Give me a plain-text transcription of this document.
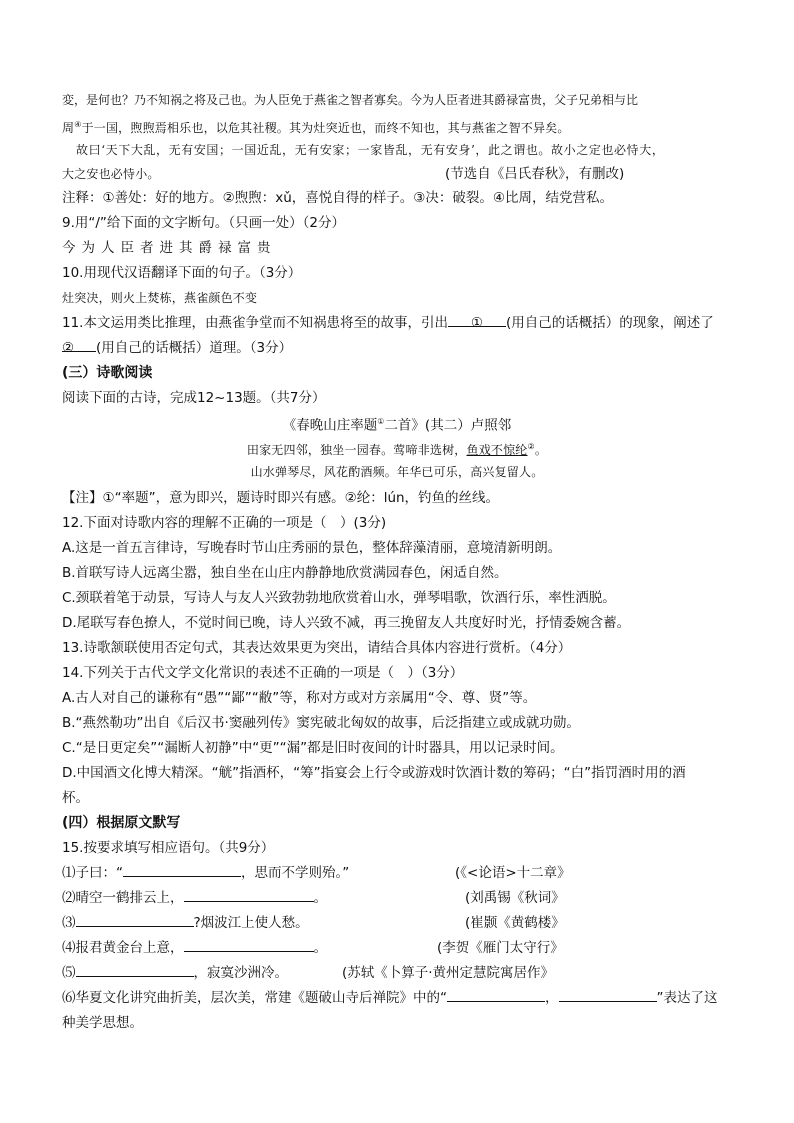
変，是何也？乃不知祸之将及己也。为人臣免于燕雀之智者寡矣。今为人臣者进其爵禄富贵，父子兄弟相与比
周④于一国，煦煦焉相乐也，以危其社稷。其为灶突近也，而终不知也，其与燕雀之智不异矣。
故曰‘天下大乱，无有安国；一国近乱，无有安家；一家皆乱，无有安身’，此之谓也。故小之定也必恃大，
大之安也必恃小。	(节选自《吕氏春秋》，有删改)
注释：①善处：好的地方。②煦煦：xǔ，喜悦自得的样子。③决：破裂。④比周，结党营私。
9.用“/”给下面的文字断句。（只画一处）（2分）
今为人臣者进其爵禄富贵
10.用现代汉语翻译下面的句子。（3分）
灶突决，则火上焚栋，燕雀颜色不变
11.本文运用类比推理，由燕雀争堂而不知祸患将至的故事，引出 ① (用自己的话概括）的现象，阐述了
② (用自己的话概括）道理。（3分）
(三）诗歌阅读
阅读下面的古诗，完成12~13题。（共7分）
《春晚山庄率题①二首》(其二）卢照邻
田家无四邻，独坐一园春。莺啼非选树，鱼戏不惊纶②。
山水弹琴尽，风花酌酒频。年华已可乐，高兴复留人。
【注】①“率题”，意为即兴，题诗时即兴有感。②纶：lún，钓鱼的丝线。
12.下面对诗歌内容的理解不正确的一项是（　）(3分)
A.这是一首五言律诗，写晚春时节山庄秀丽的景色，整体辞藻清丽，意境清新明朗。
B.首联写诗人远离尘嚣，独自坐在山庄内静静地欣赏满园春色，闲适自然。
C.颈联着笔于动景，写诗人与友人兴致勃勃地欣赏着山水，弹琴唱歌，饮酒行乐，率性洒脱。
D.尾联写春色撩人，不觉时间已晚，诗人兴致不减，再三挽留友人共度好时光，抒情委婉含蓄。
13.诗歌颔联使用否定句式，其表达效果更为突出，请结合具体内容进行赏析。（4分）
14.下列关于古代文学文化常识的表述不正确的一项是（　）（3分）
A.古人对自己的谦称有“愚”“鄙”“敝”等，称对方或对方亲属用“令、尊、贤”等。
B.“燕然勒功”出自《后汉书·窦融列传》窦宪破北匈奴的故事，后泛指建立或成就功勋。
C.“是日更定矣”“漏断人初静”中“更”“漏”都是旧时夜间的计时器具，用以记录时间。
D.中国酒文化博大精深。“觥”指酒杯，“筹”指宴会上行令或游戏时饮酒计数的筹码；“白”指罚酒时用的酒
杯。
(四）根据原文默写
15.按要求填写相应语句。（共9分）
⑴子曰：“	，思而不学则殆。”	(《<论语>十二章》
⑵晴空一鹤排云上，	。	(刘禹锡《秋词》
⑶	?烟波江上使人愁。	(崔颢《黄鹤楼》
⑷报君黄金台上意，	。	(李贺《雁门太守行》
⑸	，寂寞沙洲冷。	(苏轼《卜算子·黄州定慧院寓居作》
⑹华夏文化讲究曲折美，层次美，常建《题破山寺后禅院》中的“	，	”表达了这
种美学思想。
